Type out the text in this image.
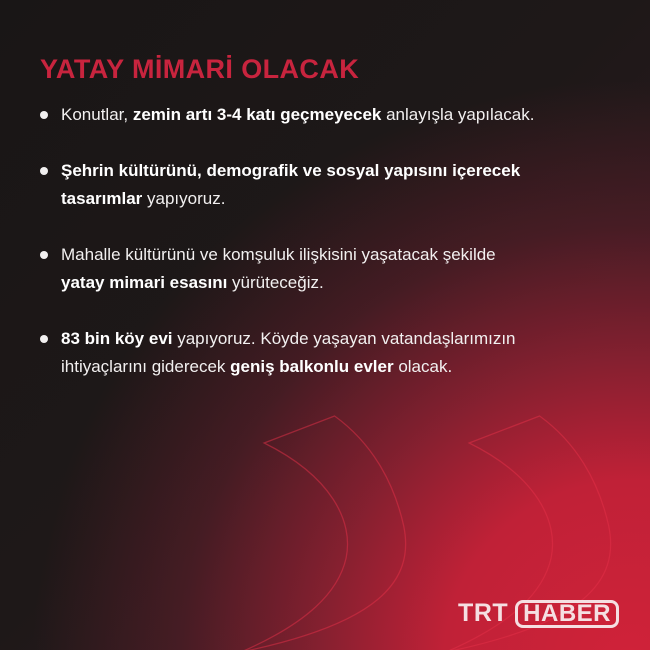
YATAY MİMARİ OLACAK
Konutlar, zemin artı 3-4 katı geçmeyecek anlayışla yapılacak.
Şehrin kültürünü, demografik ve sosyal yapısını içerecek
tasarımlar yapıyoruz.
Mahalle kültürünü ve komşuluk ilişkisini yaşatacak şekilde
yatay mimari esasını yürüteceğiz.
83 bin köy evi yapıyoruz. Köyde yaşayan vatandaşlarımızın
ihtiyaçlarını giderecek geniş balkonlu evler olacak.
TRT HABER
